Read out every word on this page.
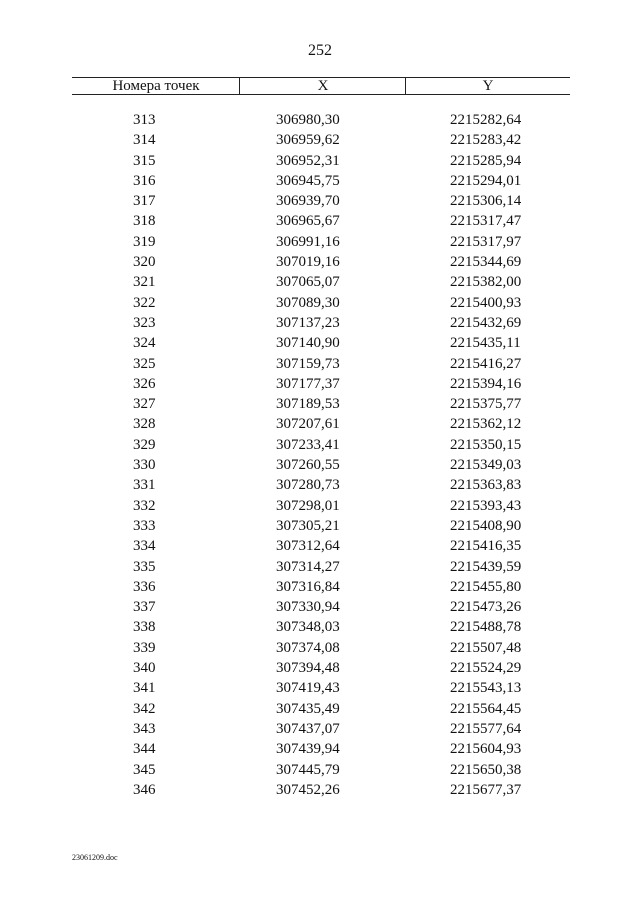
252
Номера точек	X	Y
313	306980,30	2215282,64
314	306959,62	2215283,42
315	306952,31	2215285,94
316	306945,75	2215294,01
317	306939,70	2215306,14
318	306965,67	2215317,47
319	306991,16	2215317,97
320	307019,16	2215344,69
321	307065,07	2215382,00
322	307089,30	2215400,93
323	307137,23	2215432,69
324	307140,90	2215435,11
325	307159,73	2215416,27
326	307177,37	2215394,16
327	307189,53	2215375,77
328	307207,61	2215362,12
329	307233,41	2215350,15
330	307260,55	2215349,03
331	307280,73	2215363,83
332	307298,01	2215393,43
333	307305,21	2215408,90
334	307312,64	2215416,35
335	307314,27	2215439,59
336	307316,84	2215455,80
337	307330,94	2215473,26
338	307348,03	2215488,78
339	307374,08	2215507,48
340	307394,48	2215524,29
341	307419,43	2215543,13
342	307435,49	2215564,45
343	307437,07	2215577,64
344	307439,94	2215604,93
345	307445,79	2215650,38
346	307452,26	2215677,37
23061209.doc
